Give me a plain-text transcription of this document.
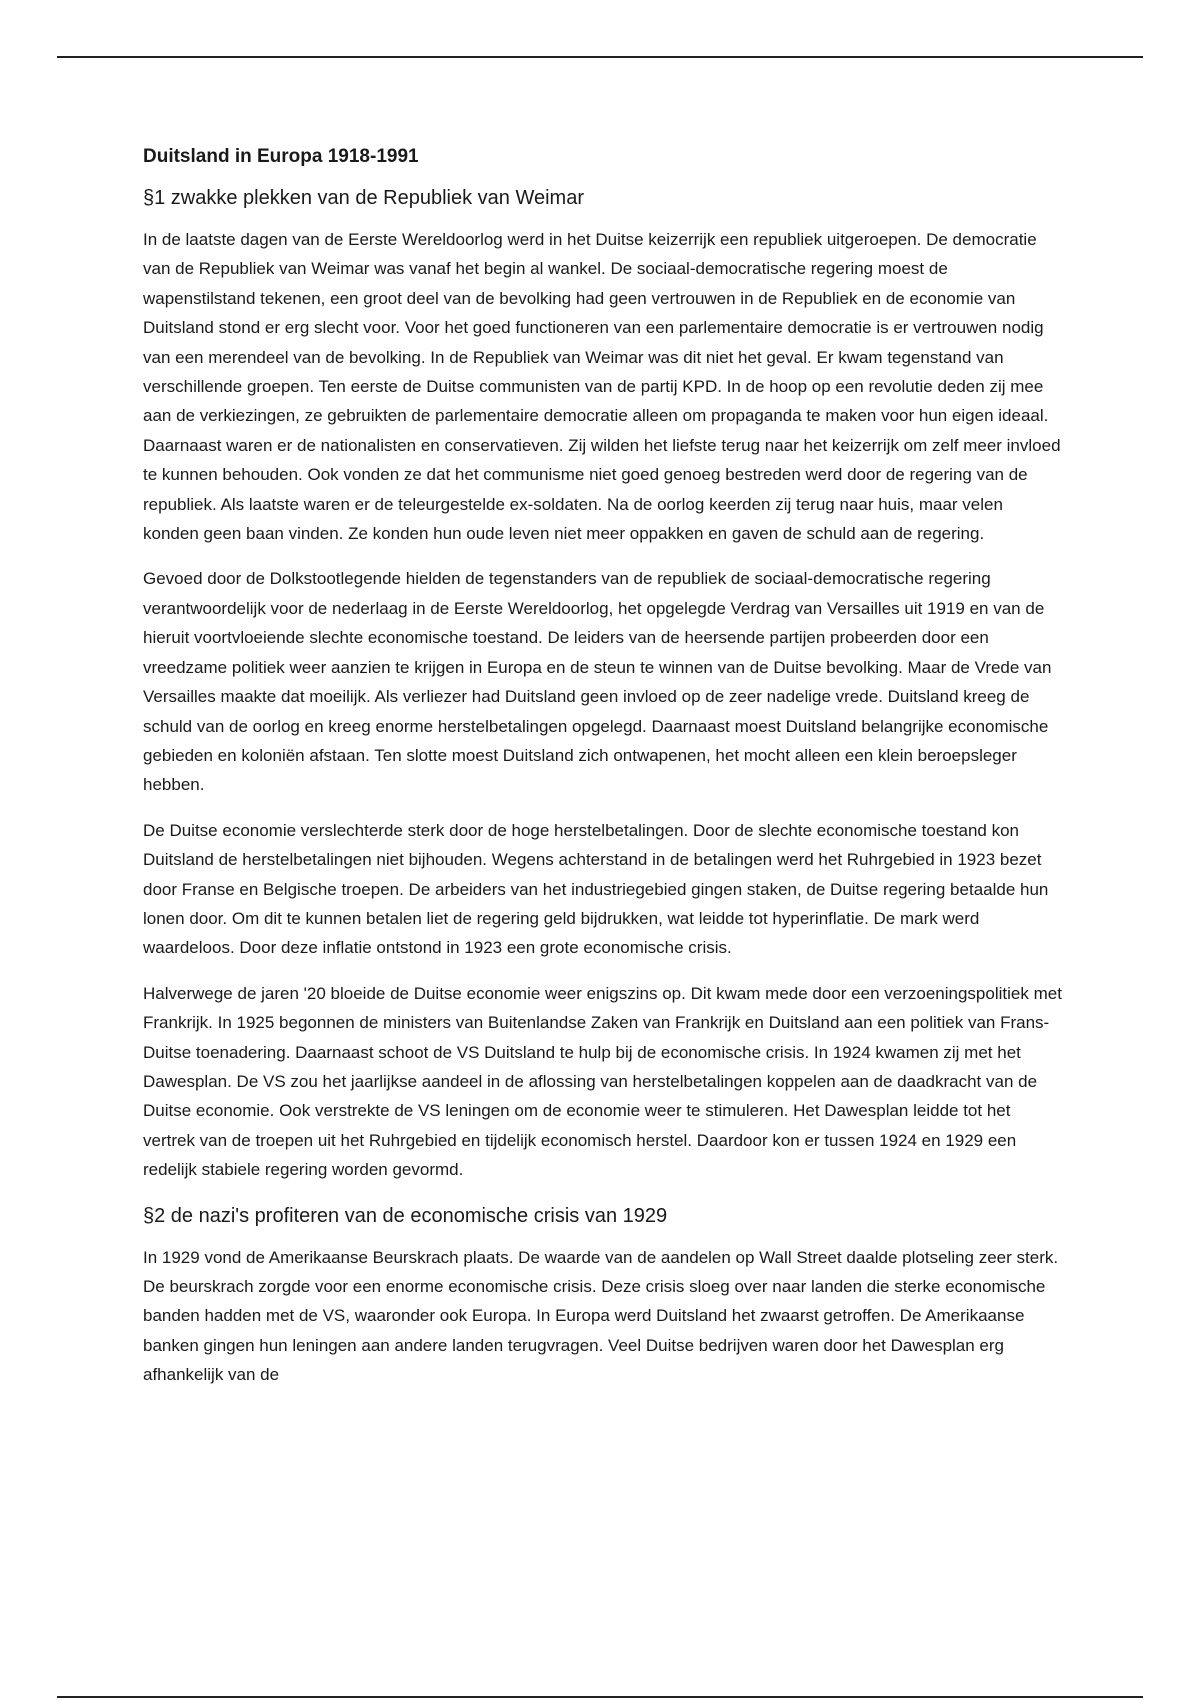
Duitsland in Europa 1918-1991
§1 zwakke plekken van de Republiek van Weimar

In de laatste dagen van de Eerste Wereldoorlog werd in het Duitse keizerrijk een republiek uitgeroepen. De democratie van de Republiek van Weimar was vanaf het begin al wankel. De sociaal-democratische regering moest de wapenstilstand tekenen, een groot deel van de bevolking had geen vertrouwen in de Republiek en de economie van Duitsland stond er erg slecht voor. Voor het goed functioneren van een parlementaire democratie is er vertrouwen nodig van een merendeel van de bevolking. In de Republiek van Weimar was dit niet het geval. Er kwam tegenstand van verschillende groepen. Ten eerste de Duitse communisten van de partij KPD. In de hoop op een revolutie deden zij mee aan de verkiezingen, ze gebruikten de parlementaire democratie alleen om propaganda te maken voor hun eigen ideaal. Daarnaast waren er de nationalisten en conservatieven. Zij wilden het liefste terug naar het keizerrijk om zelf meer invloed te kunnen behouden. Ook vonden ze dat het communisme niet goed genoeg bestreden werd door de regering van de republiek. Als laatste waren er de teleurgestelde ex-soldaten. Na de oorlog keerden zij terug naar huis, maar velen konden geen baan vinden. Ze konden hun oude leven niet meer oppakken en gaven de schuld aan de regering.

Gevoed door de Dolkstootlegende hielden de tegenstanders van de republiek de sociaal-democratische regering verantwoordelijk voor de nederlaag in de Eerste Wereldoorlog, het opgelegde Verdrag van Versailles uit 1919 en van de hieruit voortvloeiende slechte economische toestand. De leiders van de heersende partijen probeerden door een vreedzame politiek weer aanzien te krijgen in Europa en de steun te winnen van de Duitse bevolking. Maar de Vrede van Versailles maakte dat moeilijk. Als verliezer had Duitsland geen invloed op de zeer nadelige vrede. Duitsland kreeg de schuld van de oorlog en kreeg enorme herstelbetalingen opgelegd. Daarnaast moest Duitsland belangrijke economische gebieden en koloniën afstaan. Ten slotte moest Duitsland zich ontwapenen, het mocht alleen een klein beroepsleger hebben.

De Duitse economie verslechterde sterk door de hoge herstelbetalingen. Door de slechte economische toestand kon Duitsland de herstelbetalingen niet bijhouden. Wegens achterstand in de betalingen werd het Ruhrgebied in 1923 bezet door Franse en Belgische troepen. De arbeiders van het industriegebied gingen staken, de Duitse regering betaalde hun lonen door. Om dit te kunnen betalen liet de regering geld bijdrukken, wat leidde tot hyperinflatie. De mark werd waardeloos. Door deze inflatie ontstond in 1923 een grote economische crisis.

Halverwege de jaren '20 bloeide de Duitse economie weer enigszins op. Dit kwam mede door een verzoeningspolitiek met Frankrijk. In 1925 begonnen de ministers van Buitenlandse Zaken van Frankrijk en Duitsland aan een politiek van Frans-Duitse toenadering. Daarnaast schoot de VS Duitsland te hulp bij de economische crisis. In 1924 kwamen zij met het Dawesplan. De VS zou het jaarlijkse aandeel in de aflossing van herstelbetalingen koppelen aan de daadkracht van de Duitse economie. Ook verstrekte de VS leningen om de economie weer te stimuleren. Het Dawesplan leidde tot het vertrek van de troepen uit het Ruhrgebied en tijdelijk economisch herstel. Daardoor kon er tussen 1924 en 1929 een redelijk stabiele regering worden gevormd.

§2 de nazi's profiteren van de economische crisis van 1929

In 1929 vond de Amerikaanse Beurskrach plaats. De waarde van de aandelen op Wall Street daalde plotseling zeer sterk. De beurskrach zorgde voor een enorme economische crisis. Deze crisis sloeg over naar landen die sterke economische banden hadden met de VS, waaronder ook Europa. In Europa werd Duitsland het zwaarst getroffen. De Amerikaanse banken gingen hun leningen aan andere landen terugvragen. Veel Duitse bedrijven waren door het Dawesplan erg afhankelijk van de
